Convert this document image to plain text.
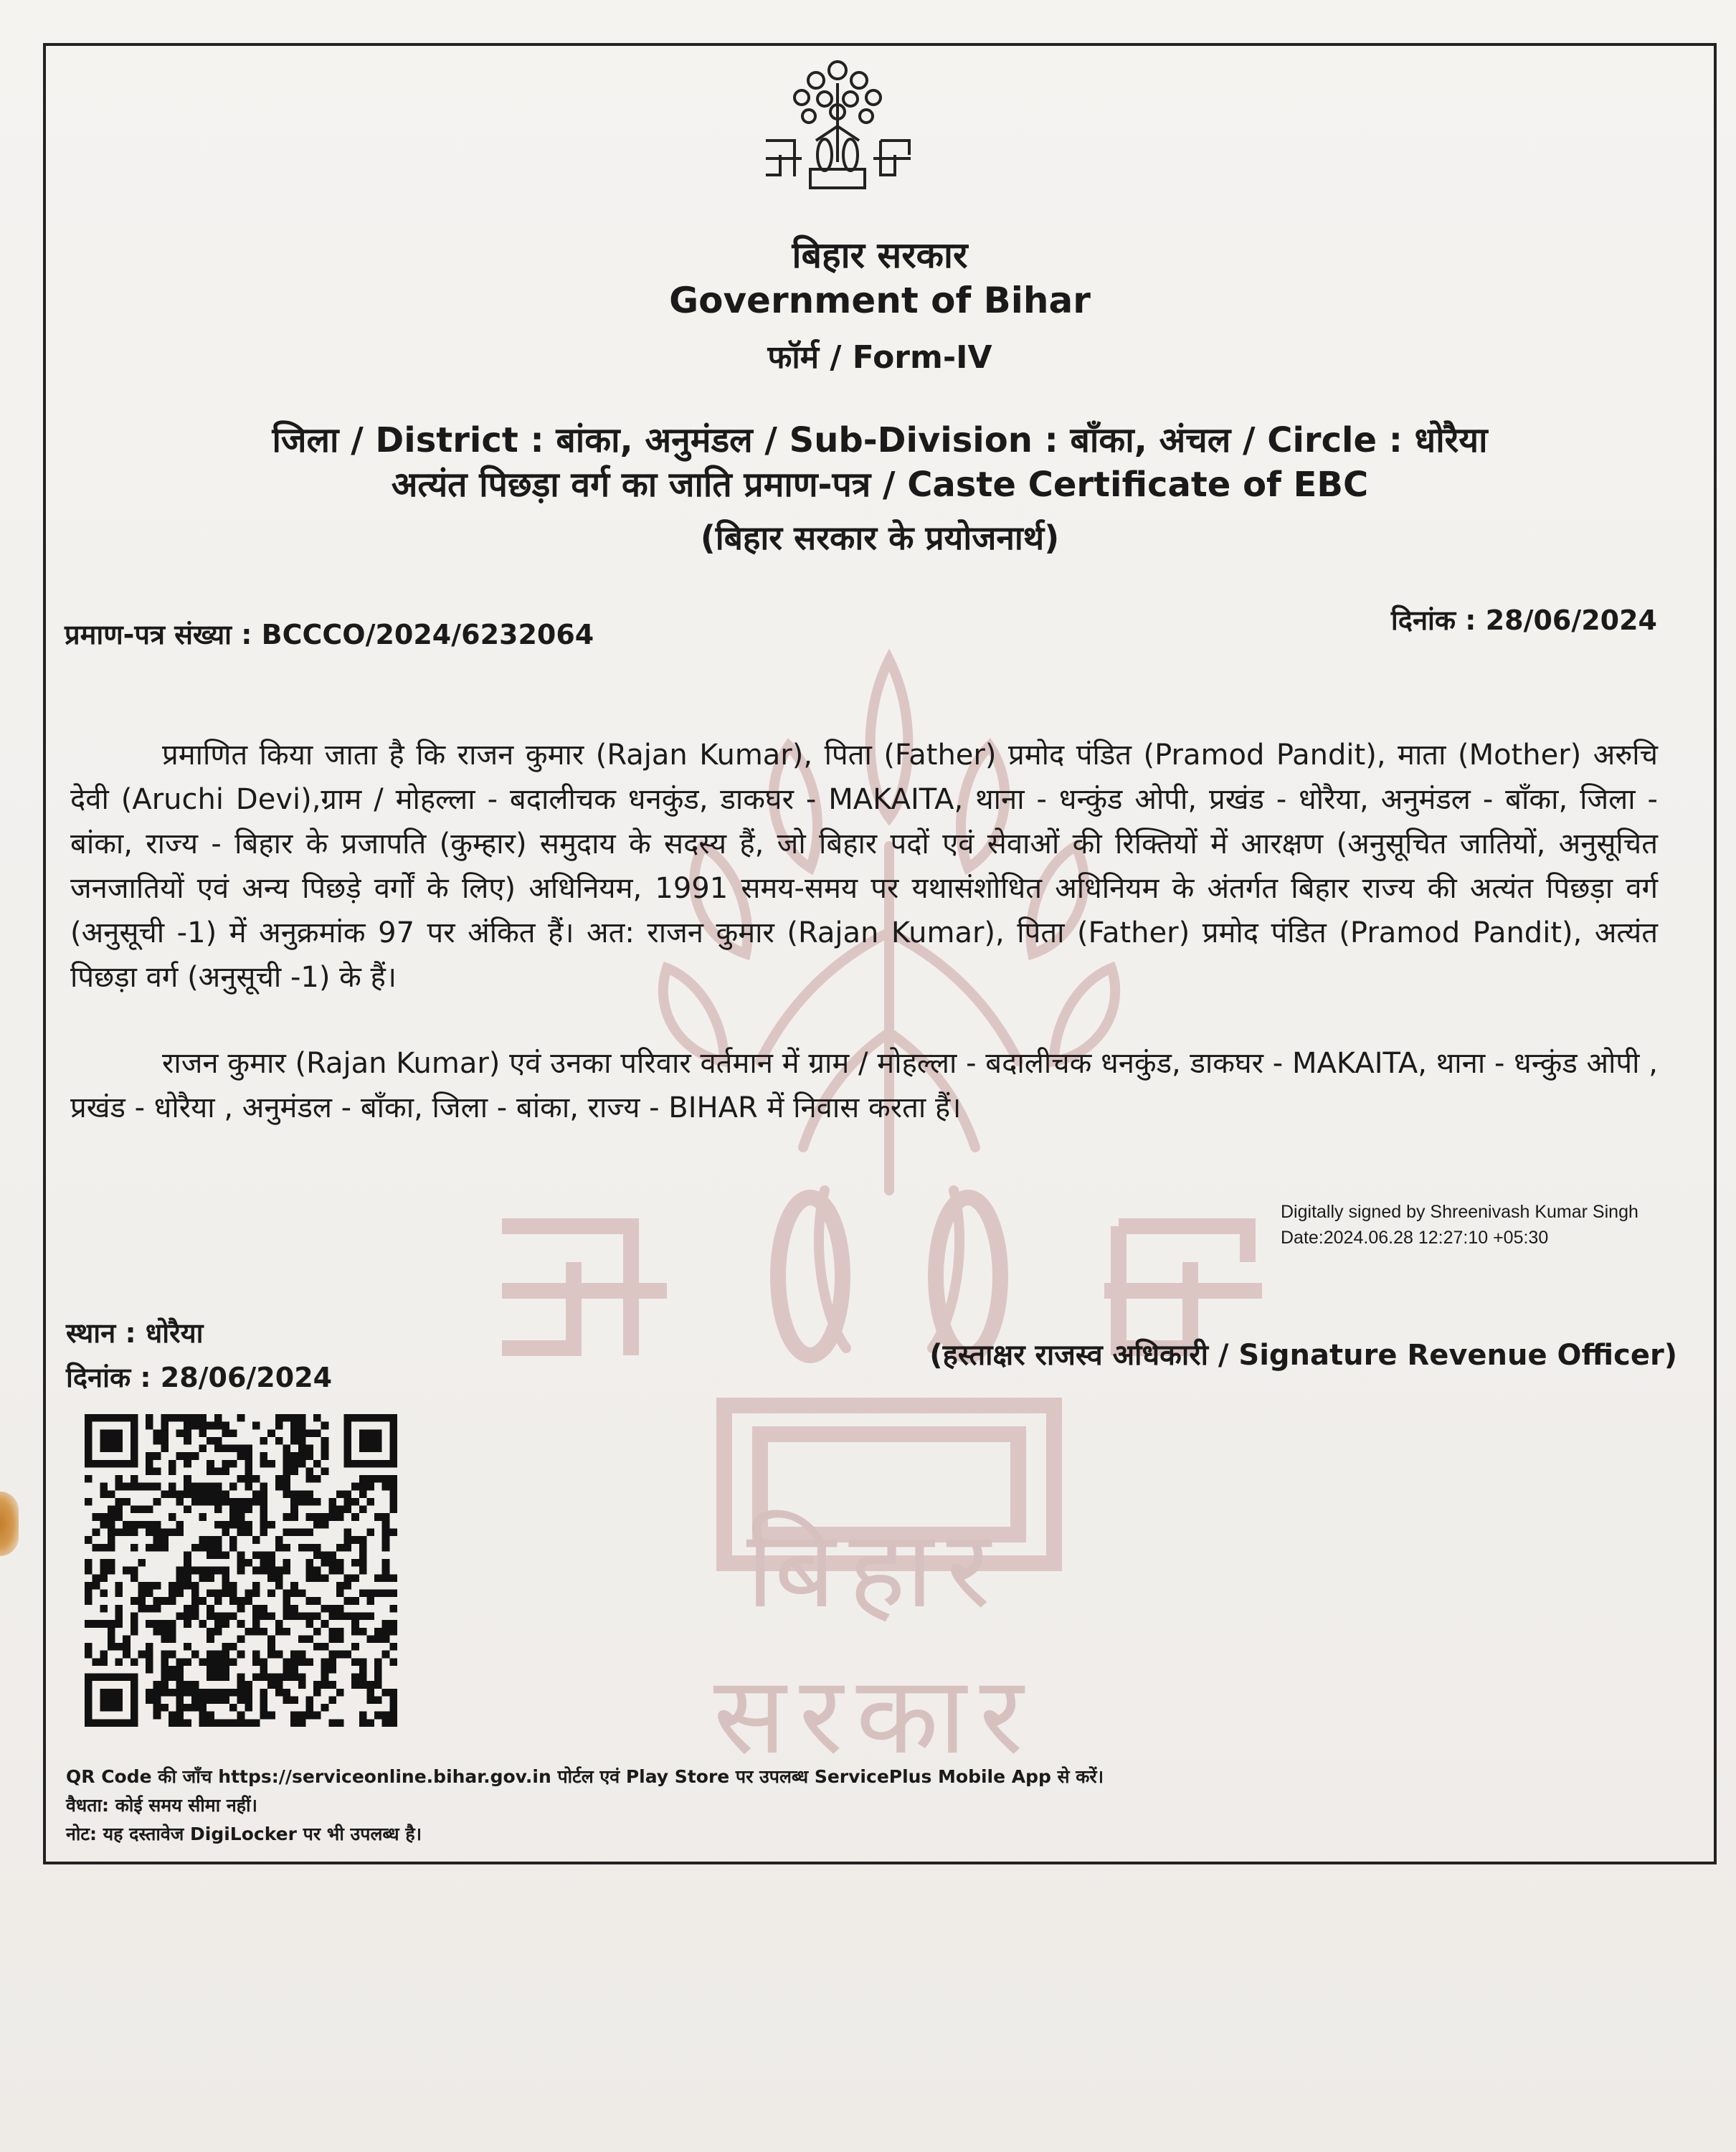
बिहार सरकार
बिहार सरकार
Government of Bihar
फॉर्म / Form-IV
जिला / District : बांका, अनुमंडल / Sub-Division : बाँका, अंचल / Circle : धोरैया
अत्यंत पिछड़ा वर्ग का जाति प्रमाण-पत्र / Caste Certificate of EBC
(बिहार सरकार के प्रयोजनार्थ)
प्रमाण-पत्र संख्या : BCCCO/2024/6232064	दिनांक : 28/06/2024
प्रमाणित किया जाता है कि राजन कुमार (Rajan Kumar), पिता (Father) प्रमोद पंडित (Pramod Pandit), माता (Mother) अरुचि देवी (Aruchi Devi),ग्राम / मोहल्ला - बदालीचक धनकुंड, डाकघर - MAKAITA, थाना - धन्कुंड ओपी, प्रखंड - धोरैया, अनुमंडल - बाँका, जिला - बांका, राज्य - बिहार के प्रजापति (कुम्हार) समुदाय के सदस्य हैं, जो बिहार पदों एवं सेवाओं की रिक्तियों में आरक्षण (अनुसूचित जातियों, अनुसूचित जनजातियों एवं अन्य पिछड़े वर्गों के लिए) अधिनियम, 1991 समय-समय पर यथासंशोधित अधिनियम के अंतर्गत बिहार राज्य की अत्यंत पिछड़ा वर्ग (अनुसूची -1) में अनुक्रमांक 97 पर अंकित हैं। अत: राजन कुमार (Rajan Kumar), पिता (Father) प्रमोद पंडित (Pramod Pandit), अत्यंत पिछड़ा वर्ग (अनुसूची -1) के हैं।
राजन कुमार (Rajan Kumar) एवं उनका परिवार वर्तमान में ग्राम / मोहल्ला - बदालीचक धनकुंड, डाकघर - MAKAITA, थाना - धन्कुंड ओपी , प्रखंड - धोरैया , अनुमंडल - बाँका, जिला - बांका, राज्य - BIHAR में निवास करता हैं।
Digitally signed by Shreenivash Kumar Singh
Date:2024.06.28 12:27:10 +05:30
स्थान : धोरैया
दिनांक : 28/06/2024
(हस्ताक्षर राजस्व अधिकारी / Signature Revenue Officer)
QR Code की जाँच https://serviceonline.bihar.gov.in पोर्टल एवं Play Store पर उपलब्ध ServicePlus Mobile App से करें।
वैधता: कोई समय सीमा नहीं।
नोट: यह दस्तावेज DigiLocker पर भी उपलब्ध है।
